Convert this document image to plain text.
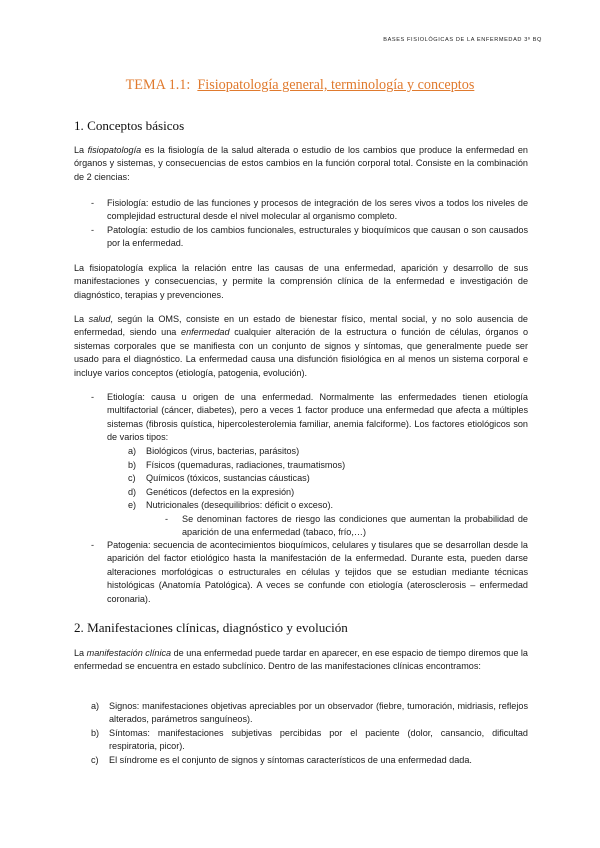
BASES FISIOLÓGICAS DE LA ENFERMEDAD 3º BQ
TEMA 1.1: Fisiopatología general, terminología y conceptos
1. Conceptos básicos
La fisiopatología es la fisiología de la salud alterada o estudio de los cambios que produce la enfermedad en órganos y sistemas, y consecuencias de estos cambios en la función corporal total. Consiste en la combinación de 2 ciencias:
- Fisiología: estudio de las funciones y procesos de integración de los seres vivos a todos los niveles de complejidad estructural desde el nivel molecular al organismo completo.
- Patología: estudio de los cambios funcionales, estructurales y bioquímicos que causan o son causados por la enfermedad.
La fisiopatología explica la relación entre las causas de una enfermedad, aparición y desarrollo de sus manifestaciones y consecuencias, y permite la comprensión clínica de la enfermedad e investigación de diagnóstico, terapias y prevenciones.
La salud, según la OMS, consiste en un estado de bienestar físico, mental social, y no solo ausencia de enfermedad, siendo una enfermedad cualquier alteración de la estructura o función de células, órganos o sistemas corporales que se manifiesta con un conjunto de signos y síntomas, que generalmente puede ser usado para el diagnóstico. La enfermedad causa una disfunción fisiológica en al menos un sistema corporal e incluye varios conceptos (etiología, patogenia, evolución).
- Etiología: causa u origen de una enfermedad. Normalmente las enfermedades tienen etiología multifactorial (cáncer, diabetes), pero a veces 1 factor produce una enfermedad que afecta a múltiples sistemas (fibrosis quística, hipercolesterolemia familiar, anemia falciforme). Los factores etiológicos son de varios tipos:
a) Biológicos (virus, bacterias, parásitos)
b) Físicos (quemaduras, radiaciones, traumatismos)
c) Químicos (tóxicos, sustancias cáusticas)
d) Genéticos (defectos en la expresión)
e) Nutricionales (desequilibrios: déficit o exceso).
- Se denominan factores de riesgo las condiciones que aumentan la probabilidad de aparición de una enfermedad (tabaco, frío,…)
- Patogenia: secuencia de acontecimientos bioquímicos, celulares y tisulares que se desarrollan desde la aparición del factor etiológico hasta la manifestación de la enfermedad. Durante esta, pueden darse alteraciones morfológicas o estructurales en células y tejidos que se estudian mediante técnicas histológicas (Anatomía Patológica). A veces se confunde con etiología (aterosclerosis – enfermedad coronaria).
2. Manifestaciones clínicas, diagnóstico y evolución
La manifestación clínica de una enfermedad puede tardar en aparecer, en ese espacio de tiempo diremos que la enfermedad se encuentra en estado subclínico. Dentro de las manifestaciones clínicas encontramos:
a) Signos: manifestaciones objetivas apreciables por un observador (fiebre, tumoración, midriasis, reflejos alterados, parámetros sanguíneos).
b) Síntomas: manifestaciones subjetivas percibidas por el paciente (dolor, cansancio, dificultad respiratoria, picor).
c) El síndrome es el conjunto de signos y síntomas característicos de una enfermedad dada.
